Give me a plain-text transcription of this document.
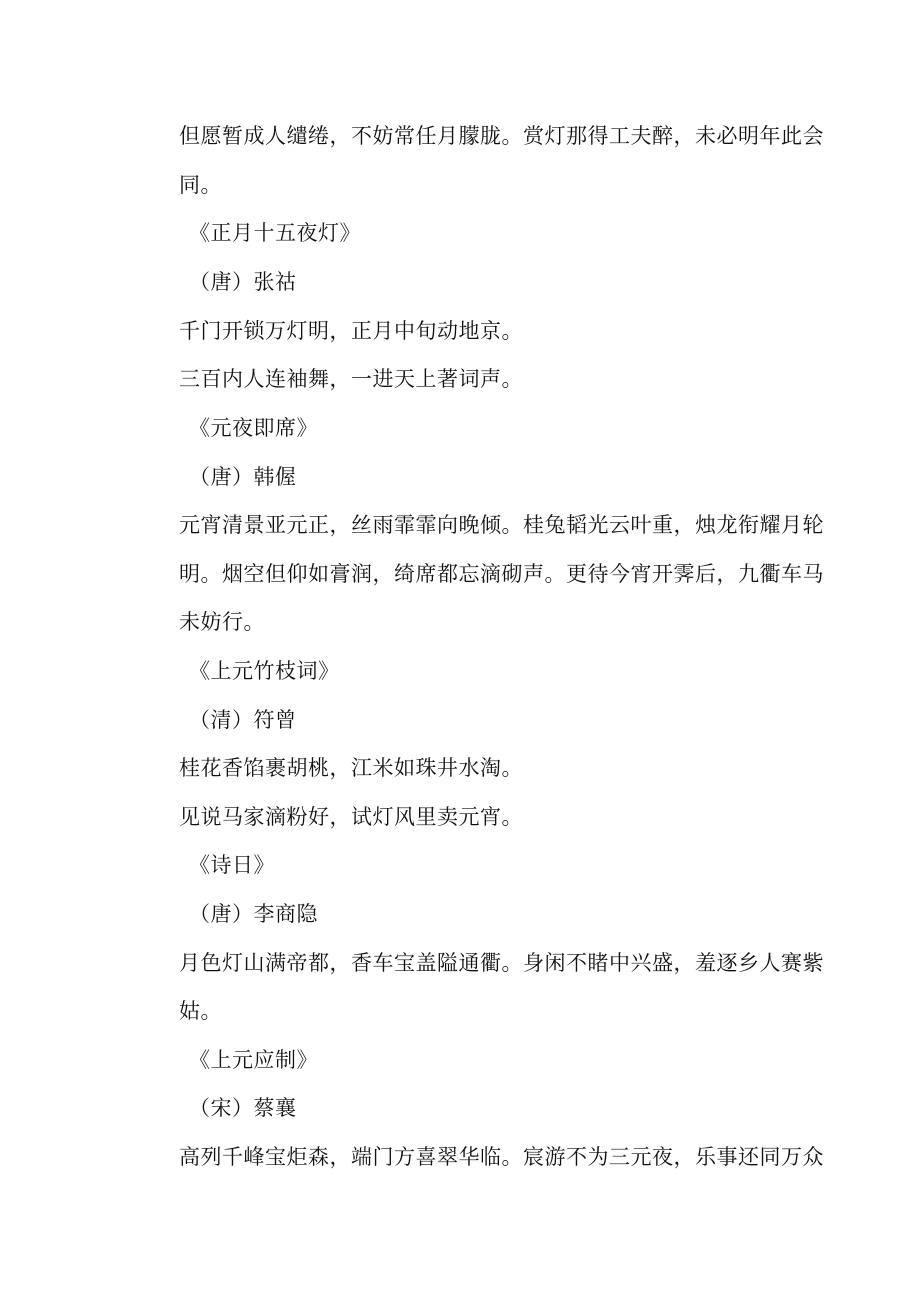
但愿暂成人缱绻，不妨常任月朦胧。赏灯那得工夫醉，未必明年此会
同。
《正月十五夜灯》
（唐）张祜
千门开锁万灯明，正月中旬动地京。
三百内人连袖舞，一进天上著词声。
《元夜即席》
（唐）韩偓
元宵清景亚元正，丝雨霏霏向晚倾。桂兔韬光云叶重，烛龙衔耀月轮
明。烟空但仰如膏润，绮席都忘滴砌声。更待今宵开霁后，九衢车马
未妨行。
《上元竹枝词》
（清）符曾
桂花香馅裹胡桃，江米如珠井水淘。
见说马家滴粉好，试灯风里卖元宵。
《诗日》
（唐）李商隐
月色灯山满帝都，香车宝盖隘通衢。身闲不睹中兴盛，羞逐乡人赛紫
姑。
《上元应制》
（宋）蔡襄
高列千峰宝炬森，端门方喜翠华临。宸游不为三元夜，乐事还同万众
